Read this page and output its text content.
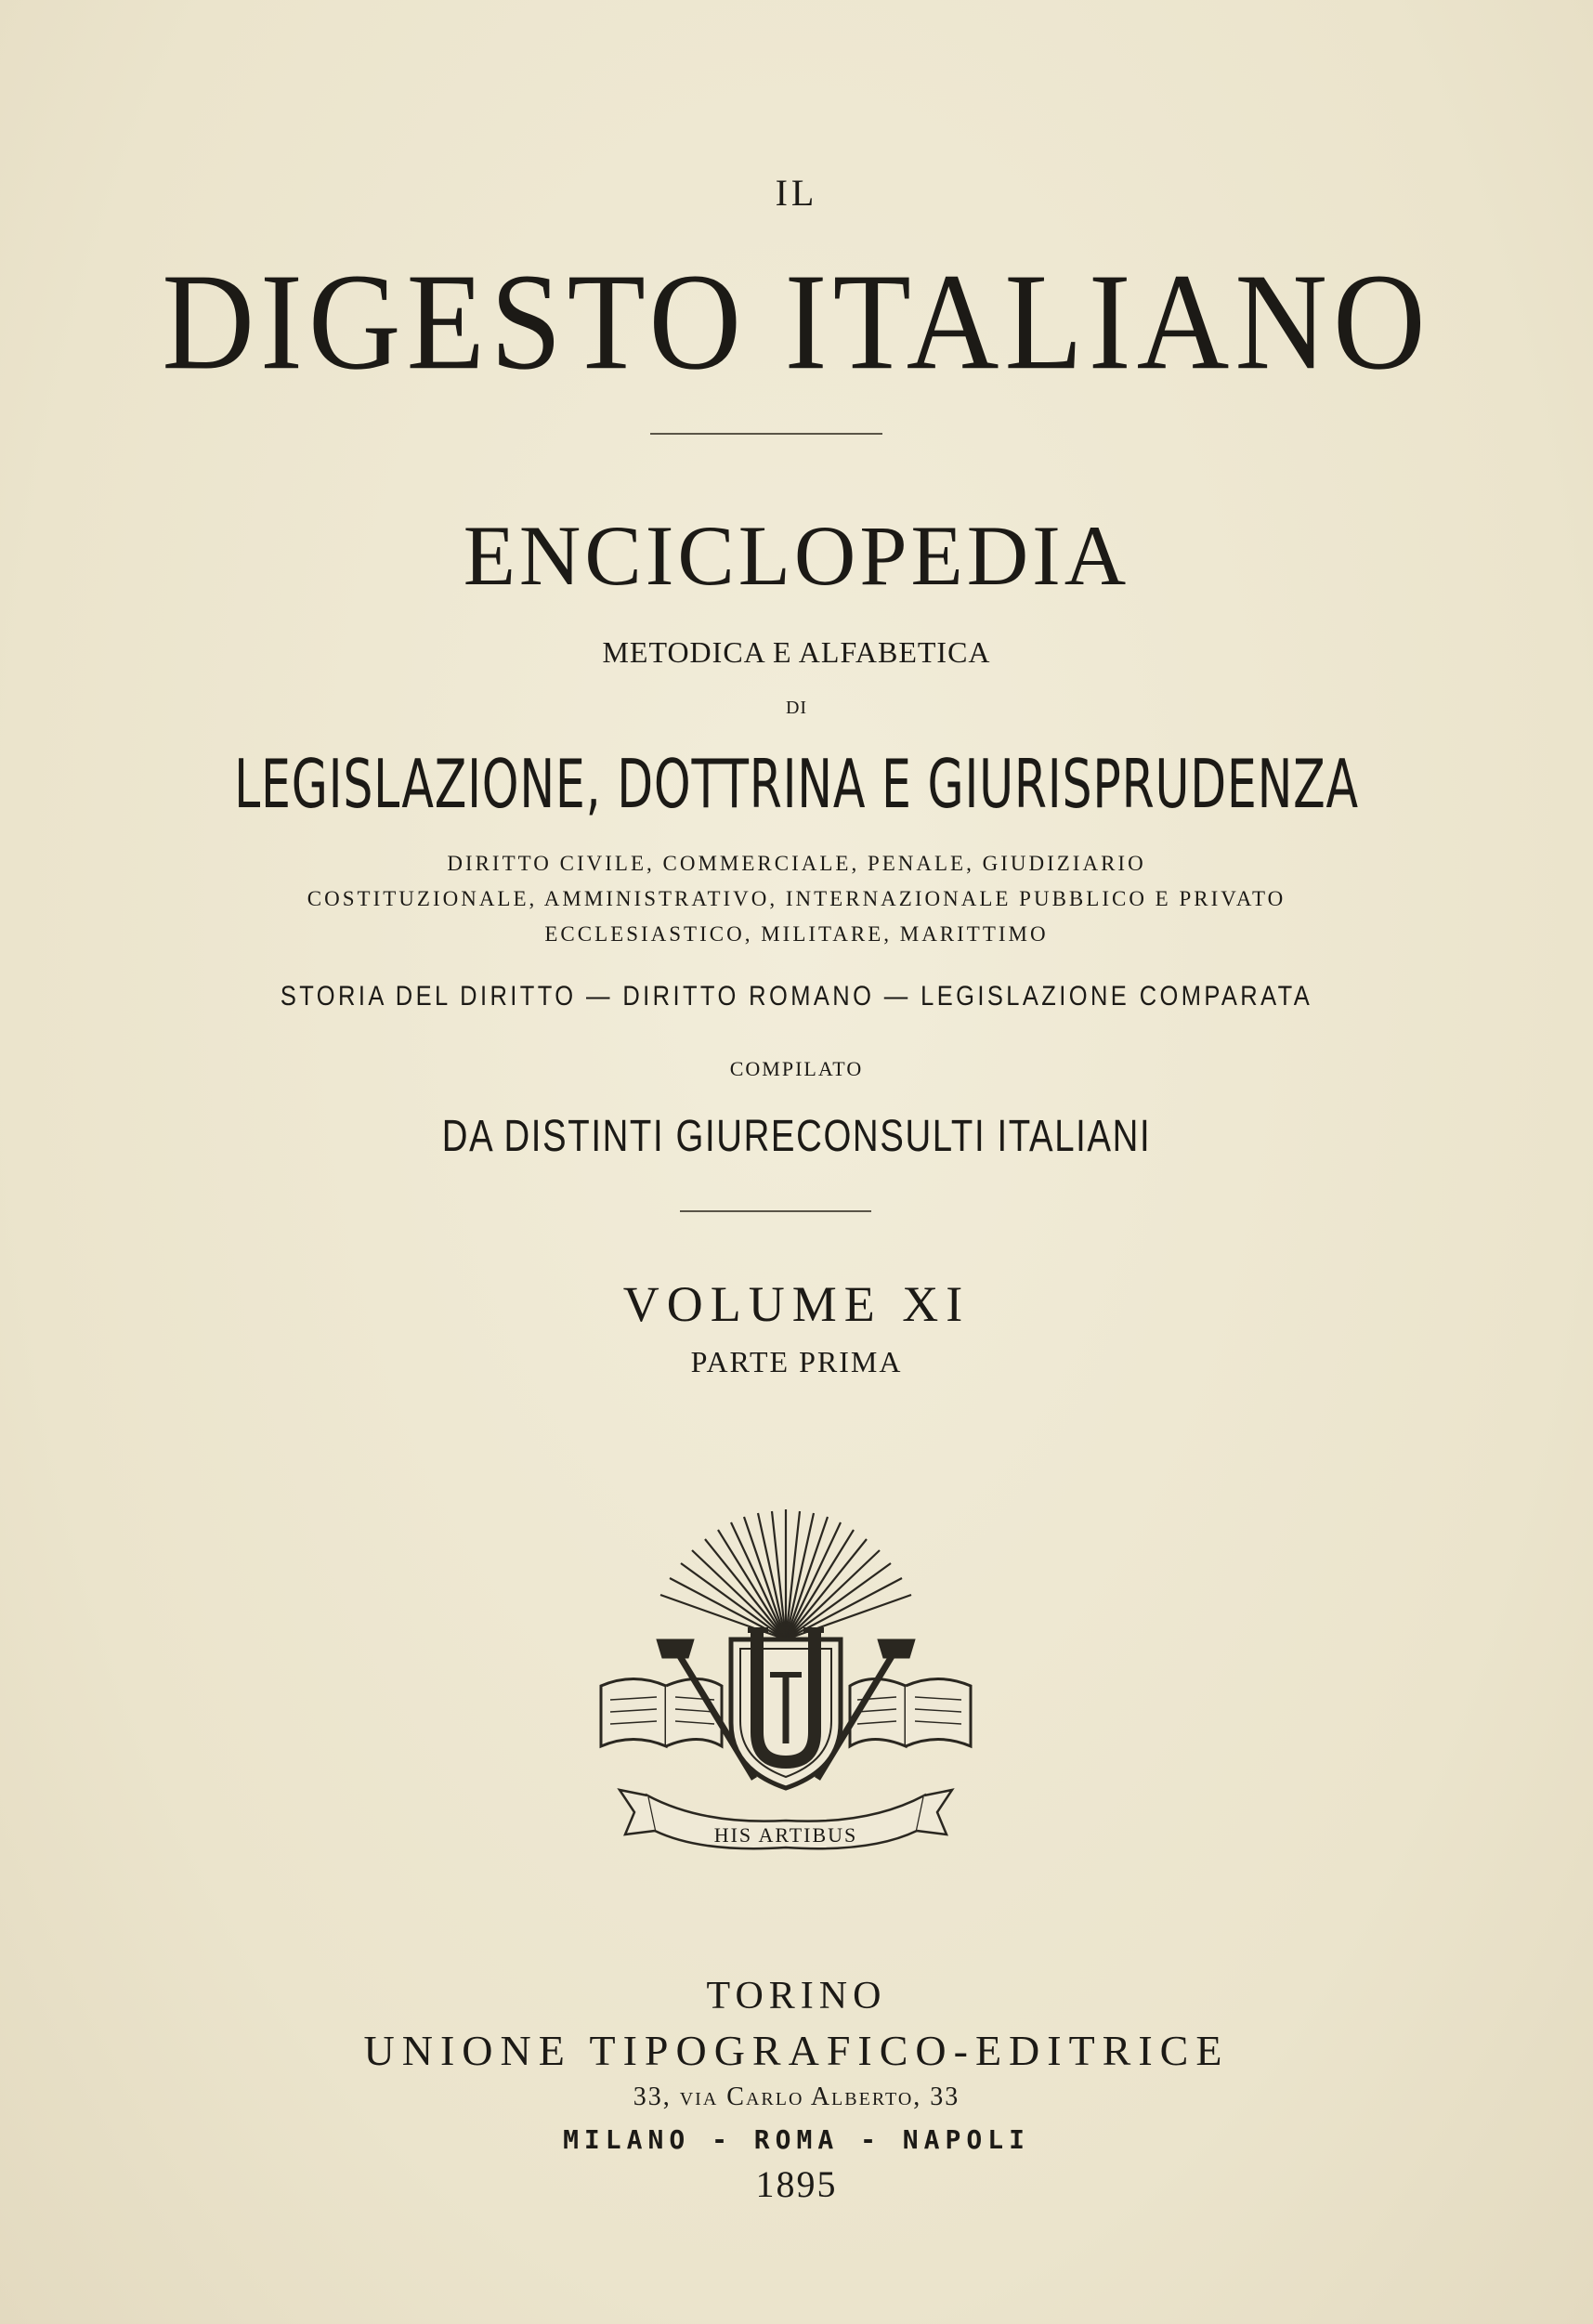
IL
DIGESTO ITALIANO
ENCICLOPEDIA
METODICA E ALFABETICA
DI
LEGISLAZIONE, DOTTRINA E GIURISPRUDENZA
DIRITTO CIVILE, COMMERCIALE, PENALE, GIUDIZIARIO
COSTITUZIONALE, AMMINISTRATIVO, INTERNAZIONALE PUBBLICO E PRIVATO
ECCLESIASTICO, MILITARE, MARITTIMO
STORIA DEL DIRITTO — DIRITTO ROMANO — LEGISLAZIONE COMPARATA
COMPILATO
DA DISTINTI GIURECONSULTI ITALIANI
VOLUME XI
PARTE PRIMA
HIS ARTIBUS
TORINO
UNIONE TIPOGRAFICO-EDITRICE
33, via Carlo Alberto, 33
MILANO - ROMA - NAPOLI
1895
